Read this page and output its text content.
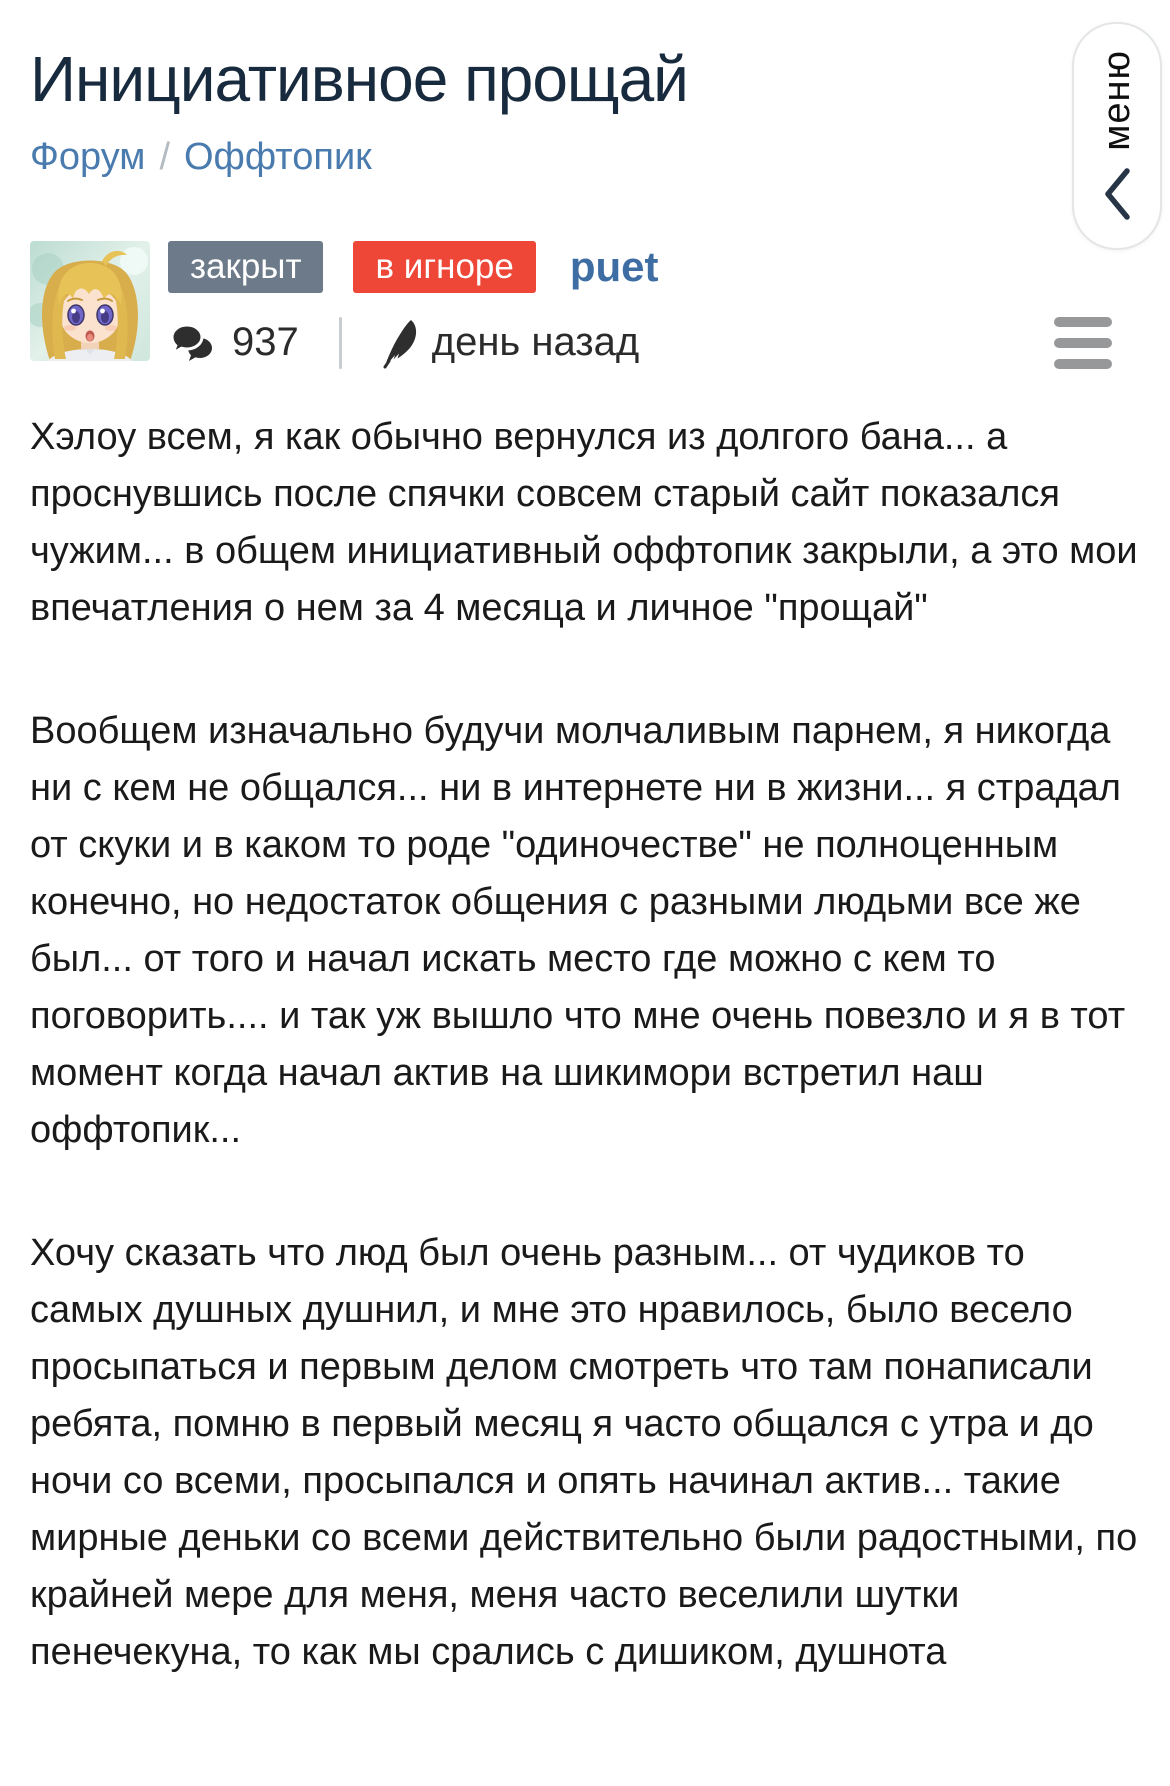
меню
Инициативное прощай
Форум / Оффтопик
закрыт	в игноре	puet
937	день назад

Хэлоу всем, я как обычно вернулся из долгого бана... а проснувшись после спячки совсем старый сайт показался чужим... в общем инициативный оффтопик закрыли, а это мои впечатления о нем за 4 месяца и личное "прощай"

Вообщем изначально будучи молчаливым парнем, я никогда ни с кем не общался... ни в интернете ни в жизни... я страдал от скуки и в каком то роде "одиночестве" не полноценным конечно, но недостаток общения с разными людьми все же был... от того и начал искать место где можно с кем то поговорить.... и так уж вышло что мне очень повезло и я в тот момент когда начал актив на шикимори встретил наш оффтопик...

Хочу сказать что люд был очень разным... от чудиков то самых душных душнил, и мне это нравилось, было весело просыпаться и первым делом смотреть что там понаписали ребята, помню в первый месяц я часто общался с утра и до ночи со всеми, просыпался и опять начинал актив... такие мирные деньки со всеми действительно были радостными, по крайней мере для меня, меня часто веселили шутки пенечекуна, то как мы срались с дишиком, душнота
